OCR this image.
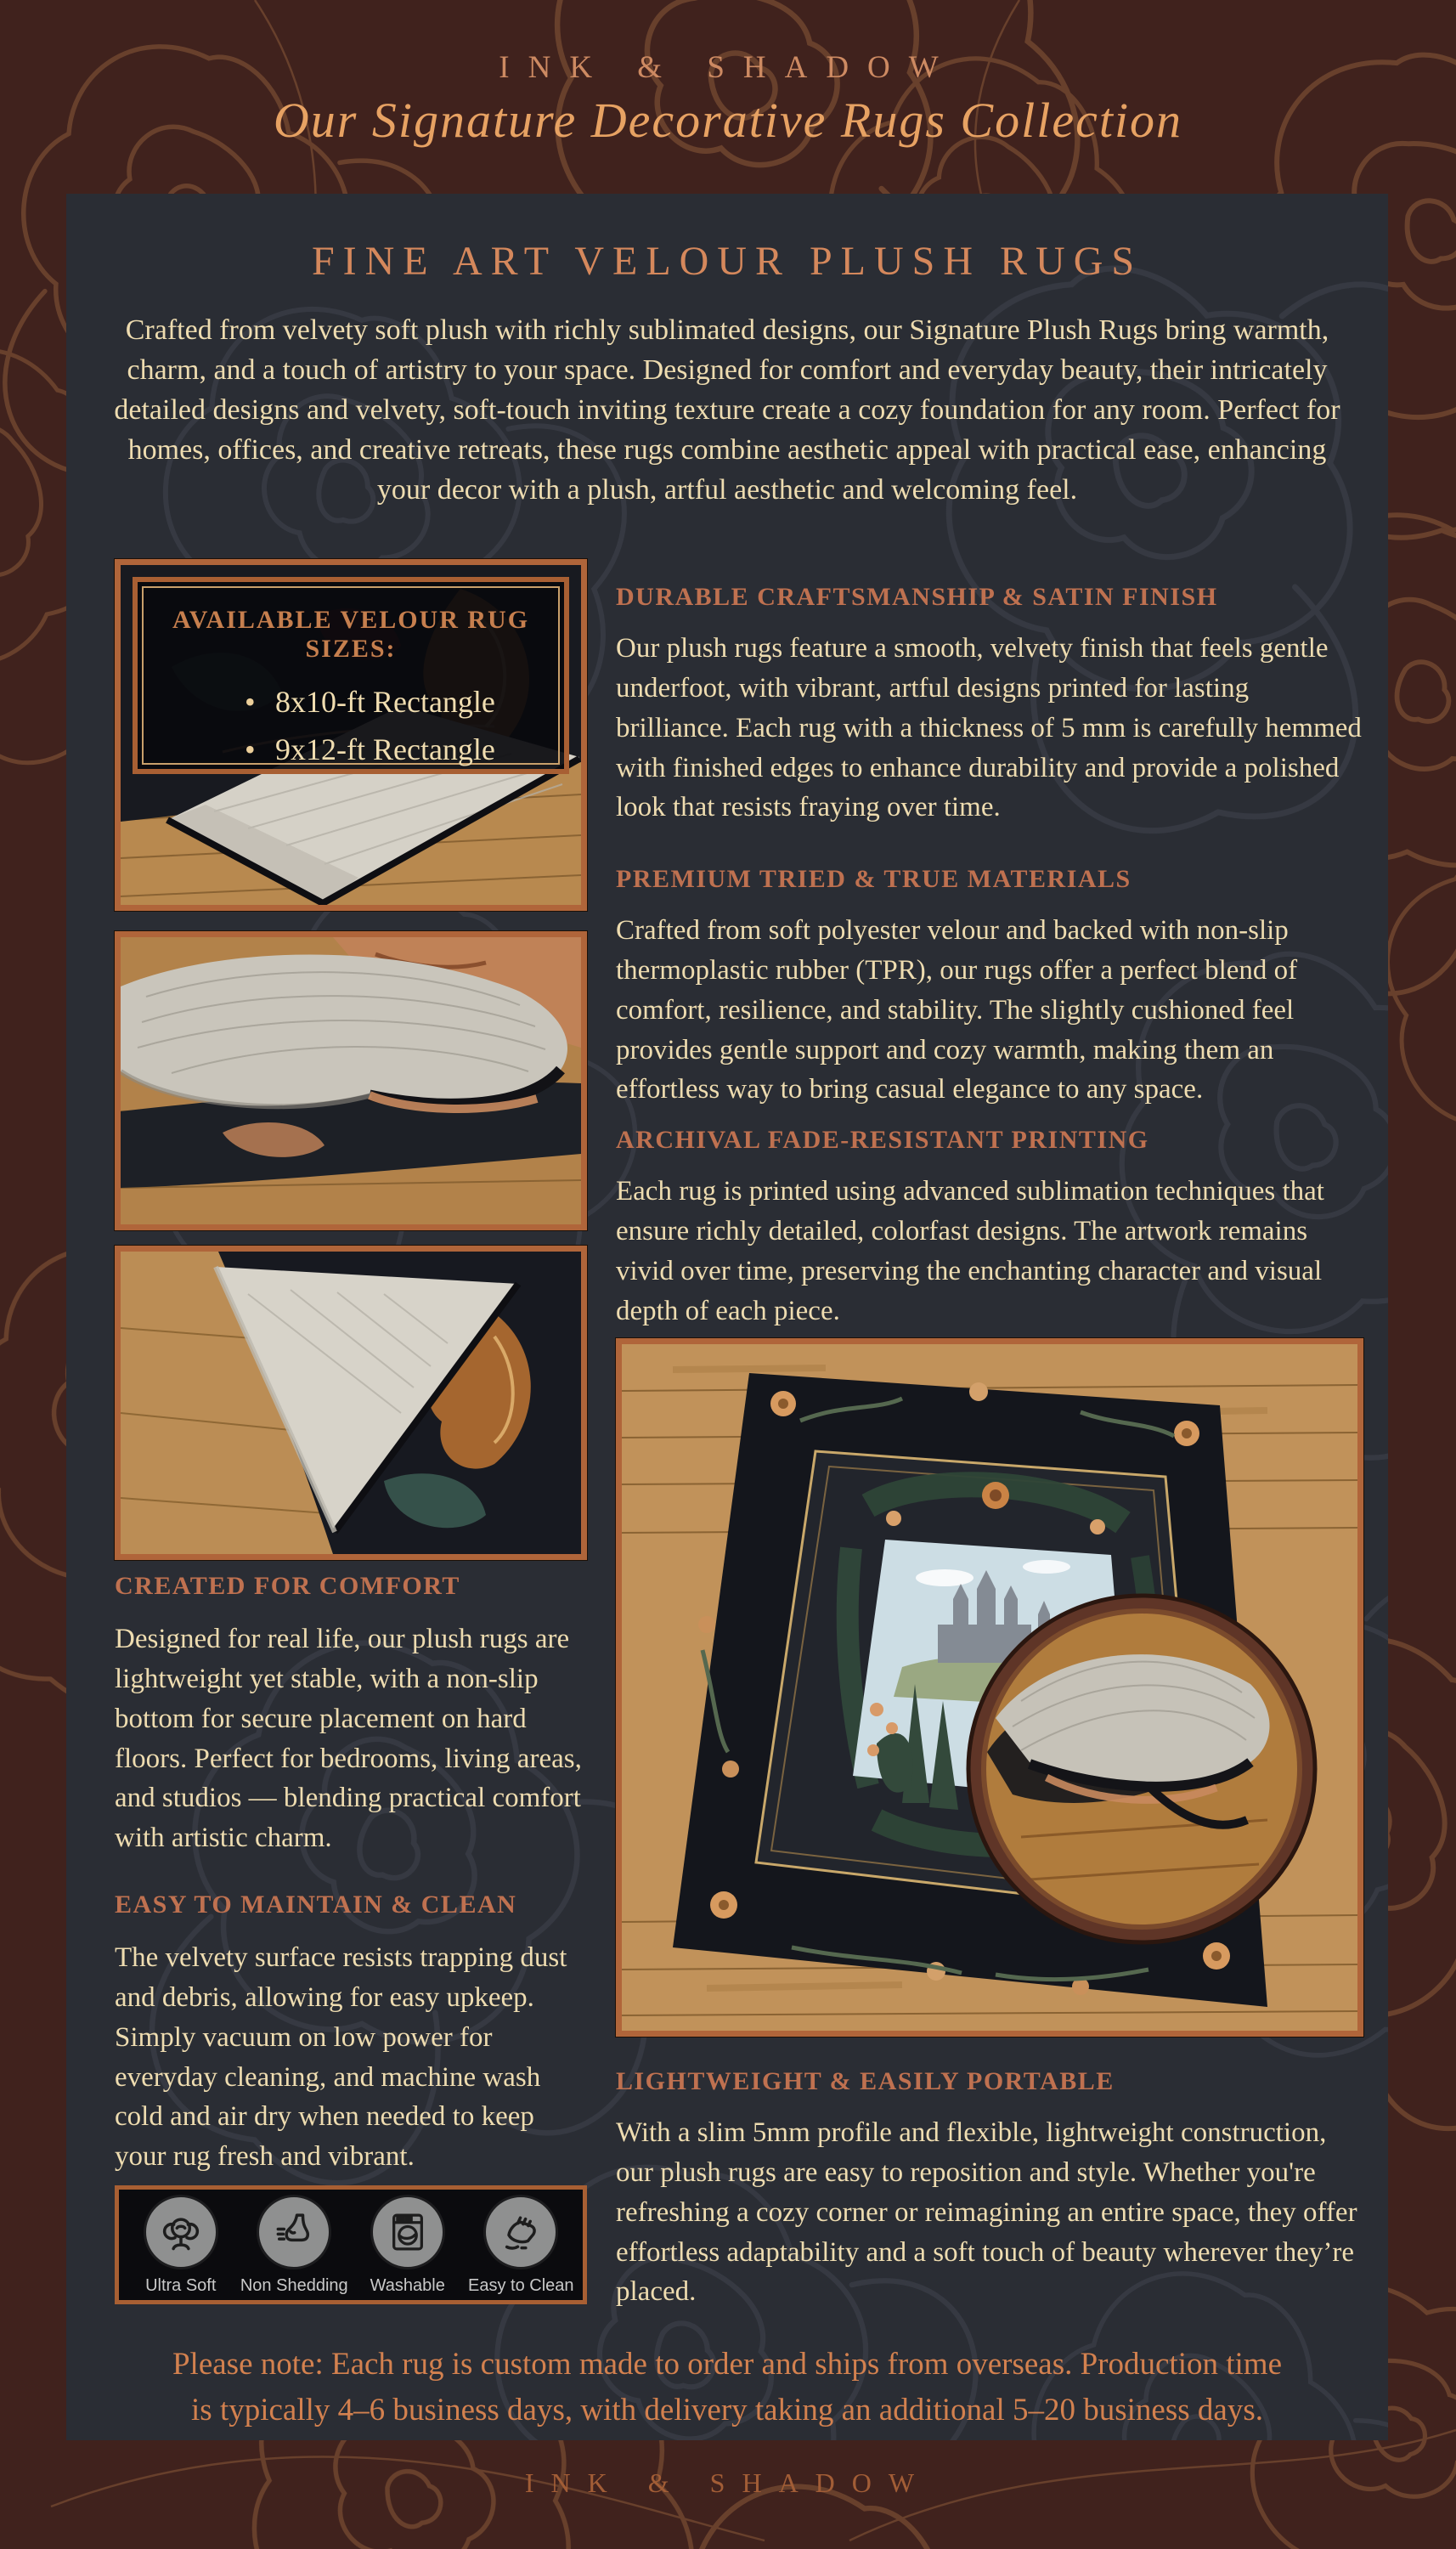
INK & SHADOW
Our Signature Decorative Rugs Collection
FINE ART VELOUR PLUSH RUGS
Crafted from velvety soft plush with richly sublimated designs, our Signature Plush Rugs bring warmth, charm, and a touch of artistry to your space. Designed for comfort and everyday beauty, their intricately detailed designs and velvety, soft-touch inviting texture create a cozy foundation for any room. Perfect for homes, offices, and creative retreats, these rugs combine aesthetic appeal with practical ease, enhancing your decor with a plush, artful aesthetic and welcoming feel.
AVAILABLE VELOUR RUG SIZES:
• 8x10-ft Rectangle
• 9x12-ft Rectangle
CREATED FOR COMFORT
Designed for real life, our plush rugs are lightweight yet stable, with a non-slip bottom for secure placement on hard floors. Perfect for bedrooms, living areas, and studios — blending practical comfort with artistic charm.
EASY TO MAINTAIN & CLEAN
The velvety surface resists trapping dust and debris, allowing for easy upkeep. Simply vacuum on low power for everyday cleaning, and machine wash cold and air dry when needed to keep your rug fresh and vibrant.
Ultra Soft Non Shedding Washable Easy to Clean
DURABLE CRAFTSMANSHIP & SATIN FINISH
Our plush rugs feature a smooth, velvety finish that feels gentle underfoot, with vibrant, artful designs printed for lasting brilliance. Each rug with a thickness of 5 mm is carefully hemmed with finished edges to enhance durability and provide a polished look that resists fraying over time.
PREMIUM TRIED & TRUE MATERIALS
Crafted from soft polyester velour and backed with non-slip thermoplastic rubber (TPR), our rugs offer a perfect blend of comfort, resilience, and stability. The slightly cushioned feel provides gentle support and cozy warmth, making them an effortless way to bring casual elegance to any space.
ARCHIVAL FADE-RESISTANT PRINTING
Each rug is printed using advanced sublimation techniques that ensure richly detailed, colorfast designs. The artwork remains vivid over time, preserving the enchanting character and visual depth of each piece.
LIGHTWEIGHT & EASILY PORTABLE
With a slim 5mm profile and flexible, lightweight construction, our plush rugs are easy to reposition and style. Whether you're refreshing a cozy corner or reimagining an entire space, they offer effortless adaptability and a soft touch of beauty wherever they’re placed.
Please note: Each rug is custom made to order and ships from overseas. Production time
is typically 4–6 business days, with delivery taking an additional 5–20 business days.
INK & SHADOW
